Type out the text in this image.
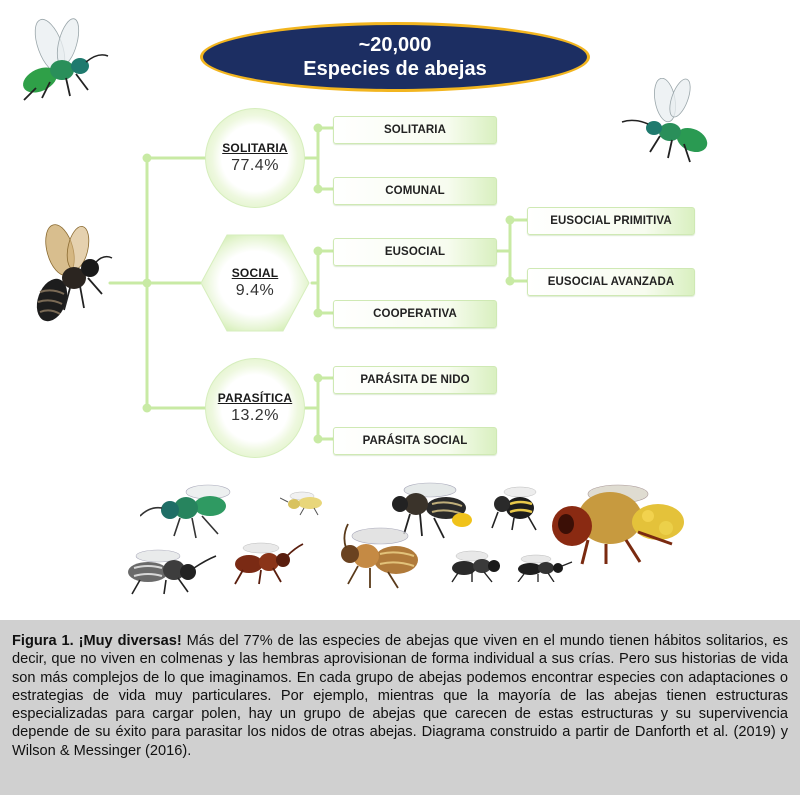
~20,000
Especies de abejas
SOLITARIA
77.4%
SOCIAL
9.4%
PARASÍTICA
13.2%
SOLITARIA
COMUNAL
EUSOCIAL
COOPERATIVA
EUSOCIAL PRIMITIVA
EUSOCIAL AVANZADA
PARÁSITA DE NIDO
PARÁSITA SOCIAL
Figura 1. ¡Muy diversas! Más del 77% de las especies de abejas que viven en el mundo tienen hábitos solitarios, es decir, que no viven en colmenas y las hembras aprovisionan de forma individual a sus crías. Pero sus historias de vida son más complejos de lo que imaginamos. En cada grupo de abejas podemos encontrar especies con adaptaciones o estrategias de vida muy particulares. Por ejemplo, mientras que la mayoría de las abejas tienen estructuras especializadas para cargar polen, hay un grupo de abejas que carecen de estas estructuras y su supervivencia depende de su éxito para parasitar los nidos de otras abejas. Diagrama construido a partir de Danforth et al. (2019) y Wilson & Messinger (2016).
